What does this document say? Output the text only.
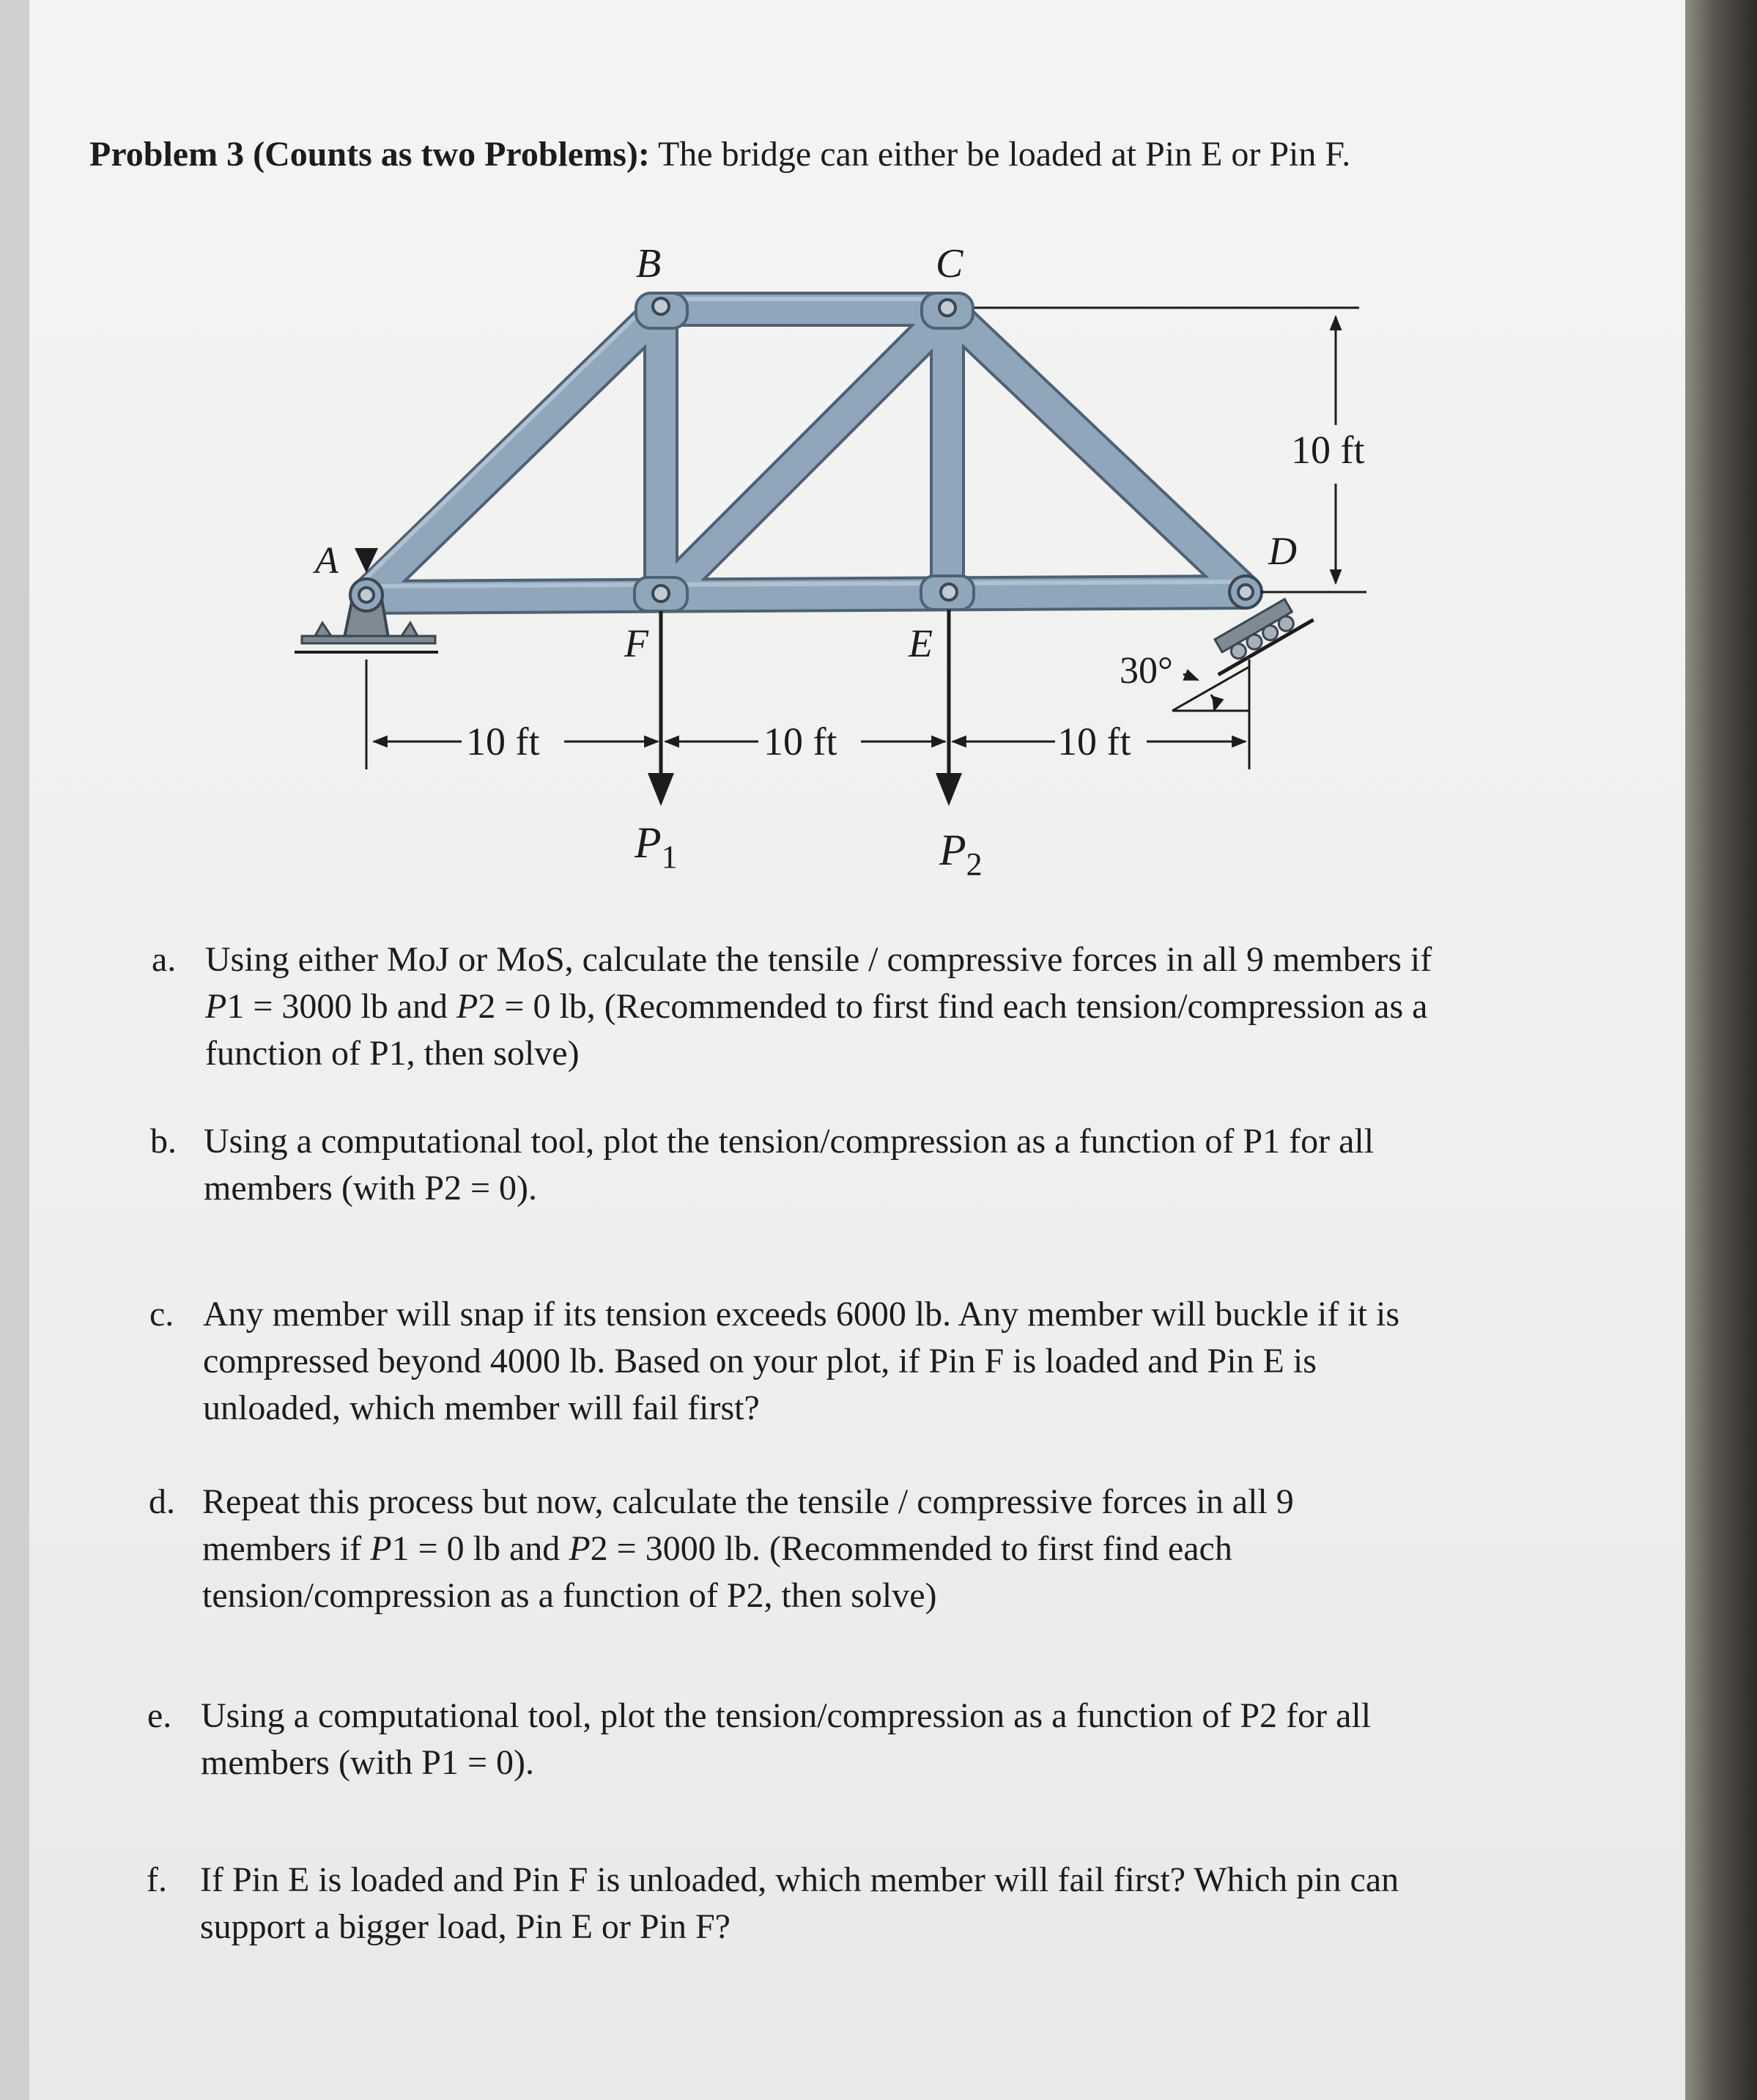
Problem 3 (Counts as two Problems): The bridge can either be loaded at Pin E or Pin F.
A
B	C
D
F	E
10 ft	10 ft	10 ft
10 ft
30°
$P_1$	$P_2$
a. Using either MoJ or MoS, calculate the tensile / compressive forces in all 9 members if

P1 = 3000 lb and P2 = 0 lb, (Recommended to first find each tension/compression as a

function of P1, then solve)

b. Using a computational tool, plot the tension/compression as a function of P1 for all

members (with P2 = 0).

c. Any member will snap if its tension exceeds 6000 lb. Any member will buckle if it is

compressed beyond 4000 lb. Based on your plot, if Pin F is loaded and Pin E is

unloaded, which member will fail first?

d. Repeat this process but now, calculate the tensile / compressive forces in all 9

members if P1 = 0 lb and P2 = 3000 lb. (Recommended to first find each

tension/compression as a function of P2, then solve)

e. Using a computational tool, plot the tension/compression as a function of P2 for all

members (with P1 = 0).

f. If Pin E is loaded and Pin F is unloaded, which member will fail first? Which pin can

support a bigger load, Pin E or Pin F?
